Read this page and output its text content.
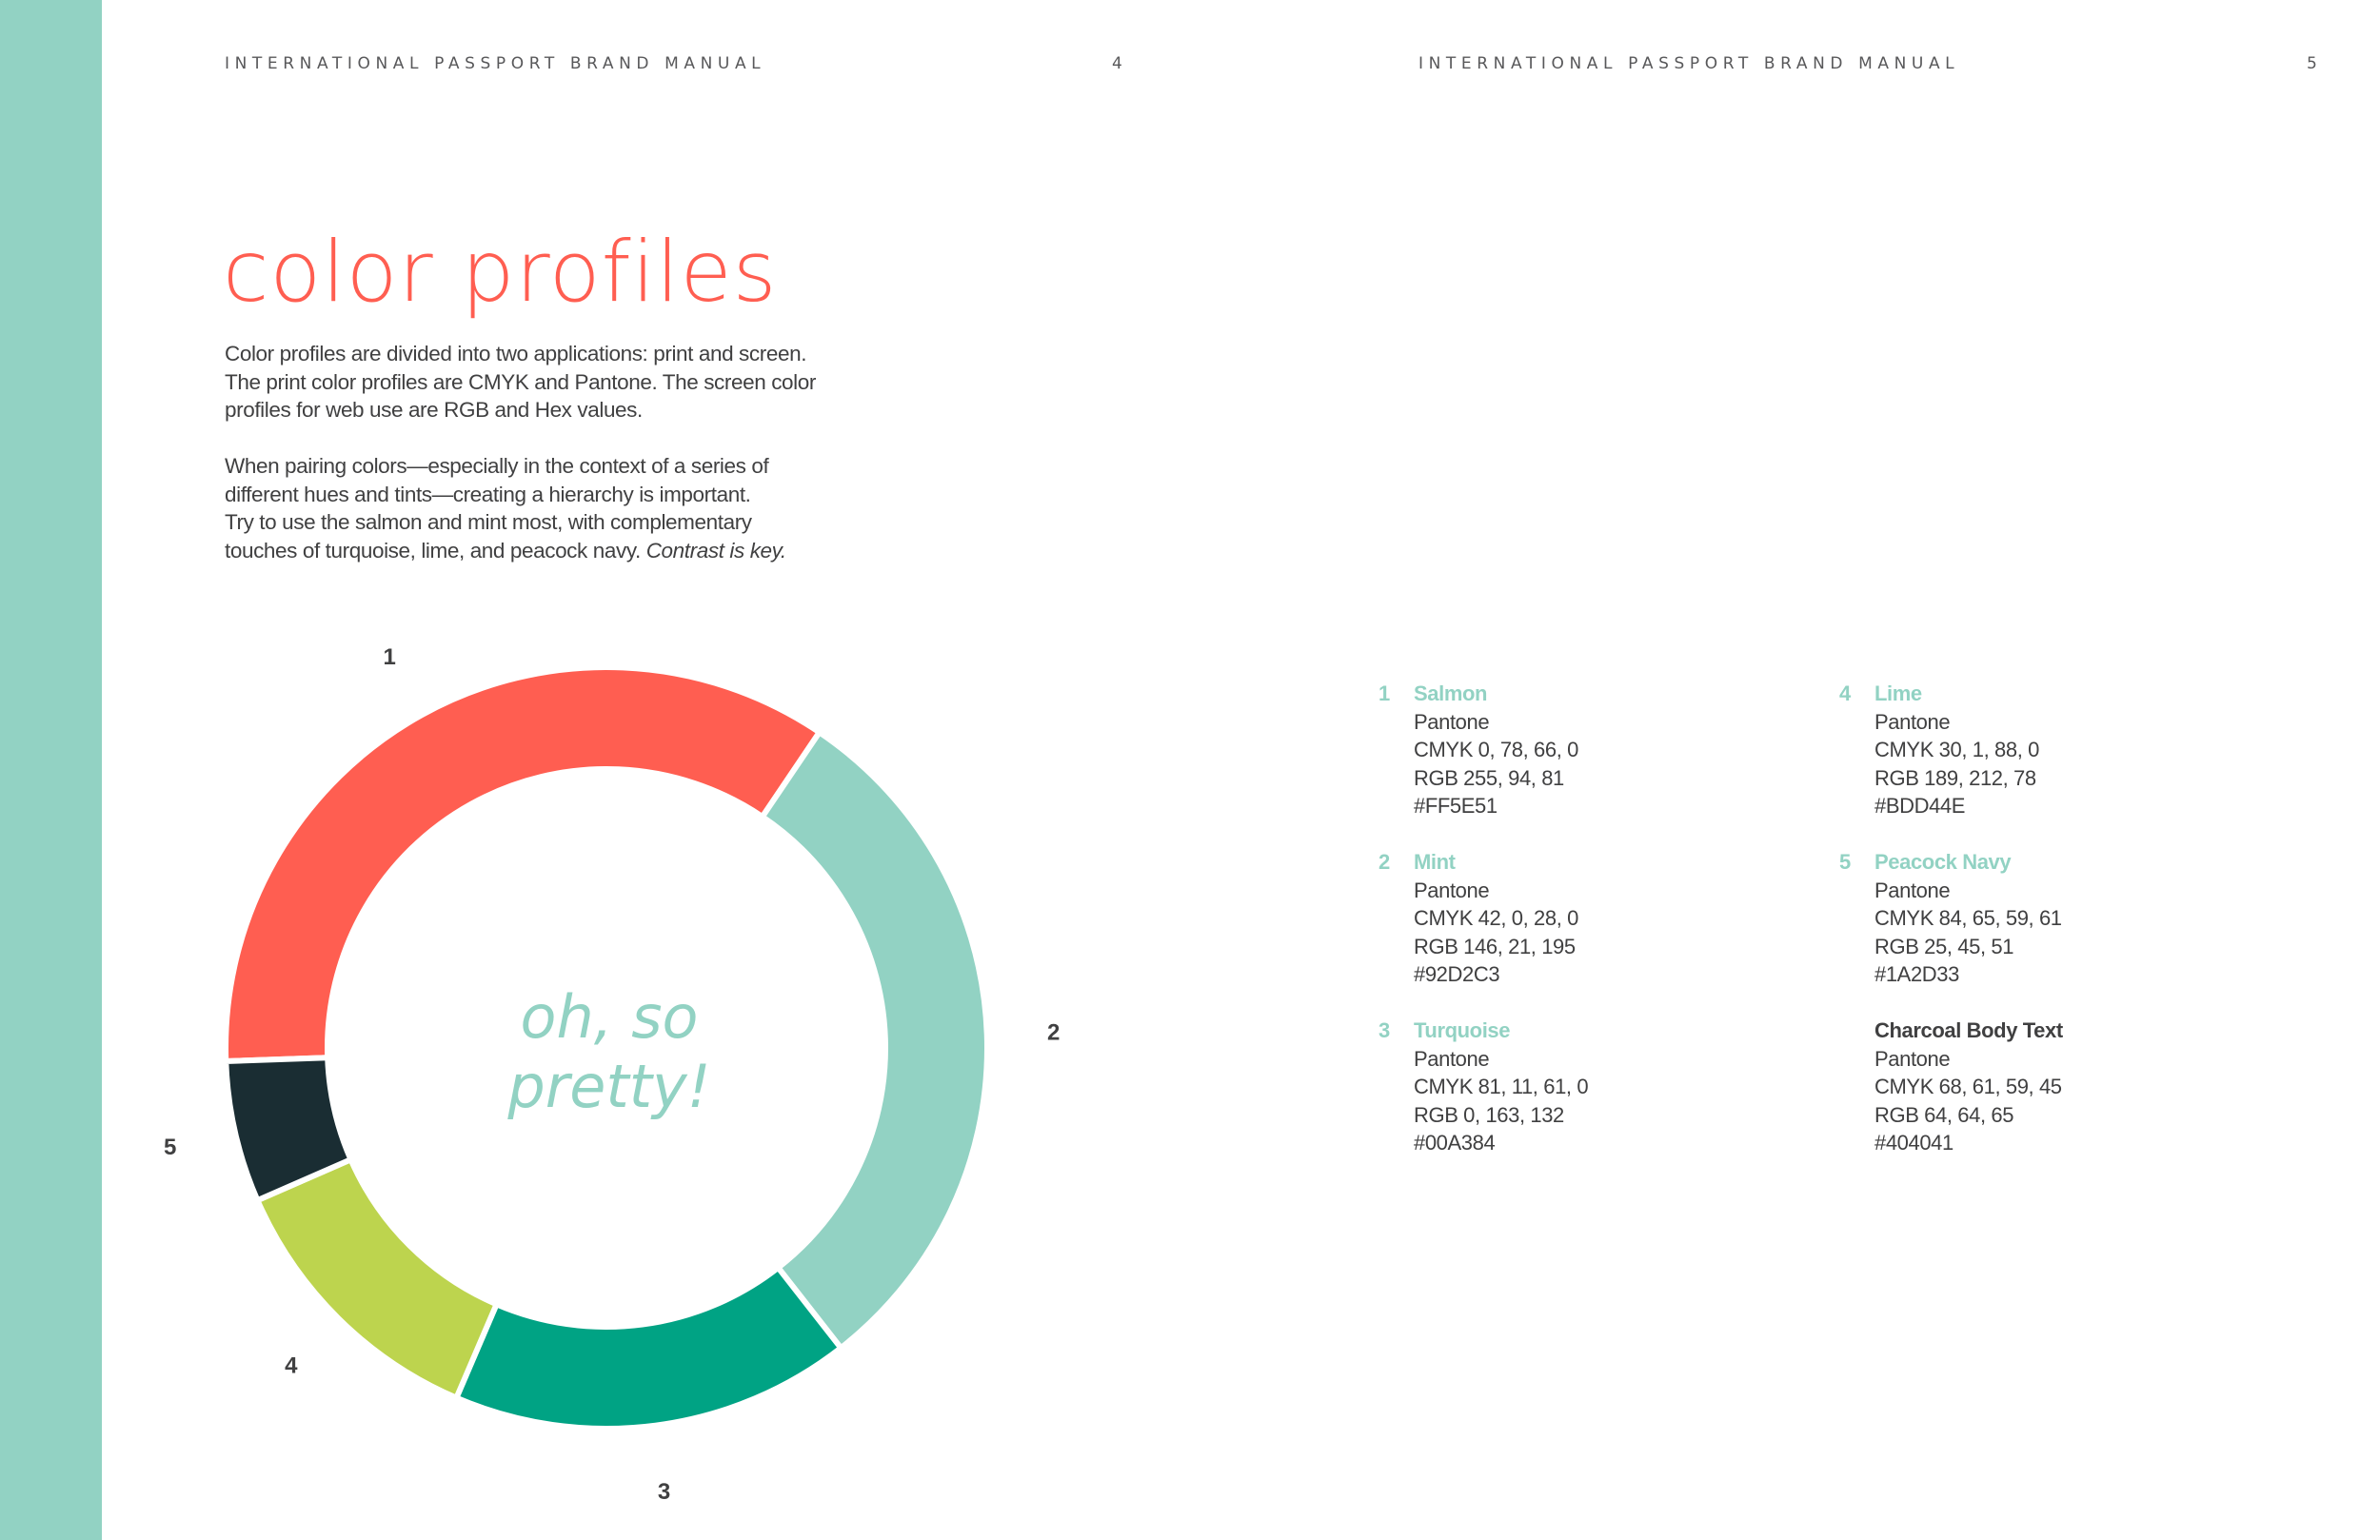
INTERNATIONAL PASSPORT BRAND MANUAL	4	INTERNATIONAL PASSPORT BRAND MANUAL	5
color profiles
Color profiles are divided into two applications: print and screen.
The print color profiles are CMYK and Pantone. The screen color
profiles for web use are RGB and Hex values.
When pairing colors—especially in the context of a series of
different hues and tints—creating a hierarchy is important.
Try to use the salmon and mint most, with complementary
touches of turquoise, lime, and peacock navy. Contrast is key.
1
2
3
4
5
oh, so
pretty!
1 Salmon
Pantone
CMYK 0, 78, 66, 0
RGB 255, 94, 81
#FF5E51
2 Mint
Pantone
CMYK 42, 0, 28, 0
RGB 146, 21, 195
#92D2C3
3 Turquoise
Pantone
CMYK 81, 11, 61, 0
RGB 0, 163, 132
#00A384
4 Lime
Pantone
CMYK 30, 1, 88, 0
RGB 189, 212, 78
#BDD44E
5 Peacock Navy
Pantone
CMYK 84, 65, 59, 61
RGB 25, 45, 51
#1A2D33
Charcoal Body Text
Pantone
CMYK 68, 61, 59, 45
RGB 64, 64, 65
#404041
